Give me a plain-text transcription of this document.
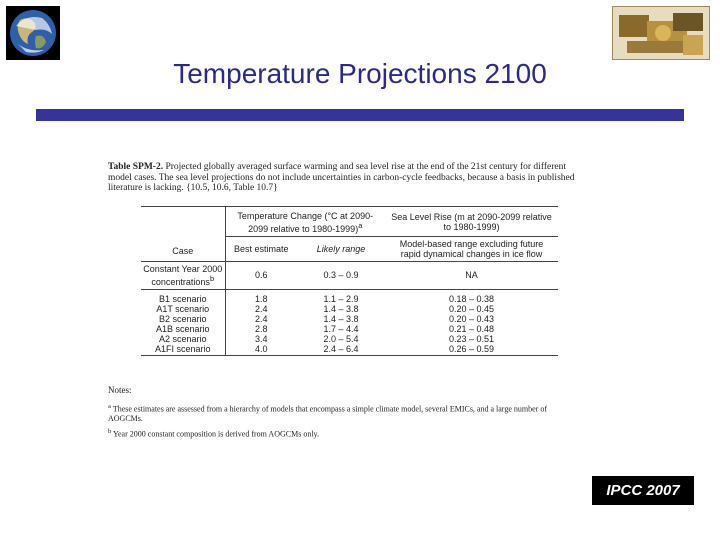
Temperature Projections 2100
Table SPM-2. Projected globally averaged surface warming and sea level rise at the end of the 21st century for different model cases. The sea level projections do not include uncertainties in carbon-cycle feedbacks, because a basis in published literature is lacking. {10.5, 10.6, Table 10.7}
	Temperature Change (°C at 2090-2099 relative to 1980-1999)$^a$		Sea Level Rise (m at 2090-2099 relative to 1980-1999)
Case	Best estimate	Likely range	Model-based range excluding future rapid dynamical changes in ice flow
Constant Year 2000 concentrations$^b$	0.6	0.3 – 0.9	NA
B1 scenario	1.8	1.1 – 2.9	0.18 – 0.38
A1T scenario	2.4	1.4 – 3.8	0.20 – 0.45
B2 scenario	2.4	1.4 – 3.8	0.20 – 0.43
A1B scenario	2.8	1.7 – 4.4	0.21 – 0.48
A2 scenario	3.4	2.0 – 5.4	0.23 – 0.51
A1FI scenario	4.0	2.4 – 6.4	0.26 – 0.59

Notes:

$^a$ These estimates are assessed from a hierarchy of models that encompass a simple climate model, several EMICs, and a large number of AOGCMs.

$^b$ Year 2000 constant composition is derived from AOGCMs only.

IPCC 2007
